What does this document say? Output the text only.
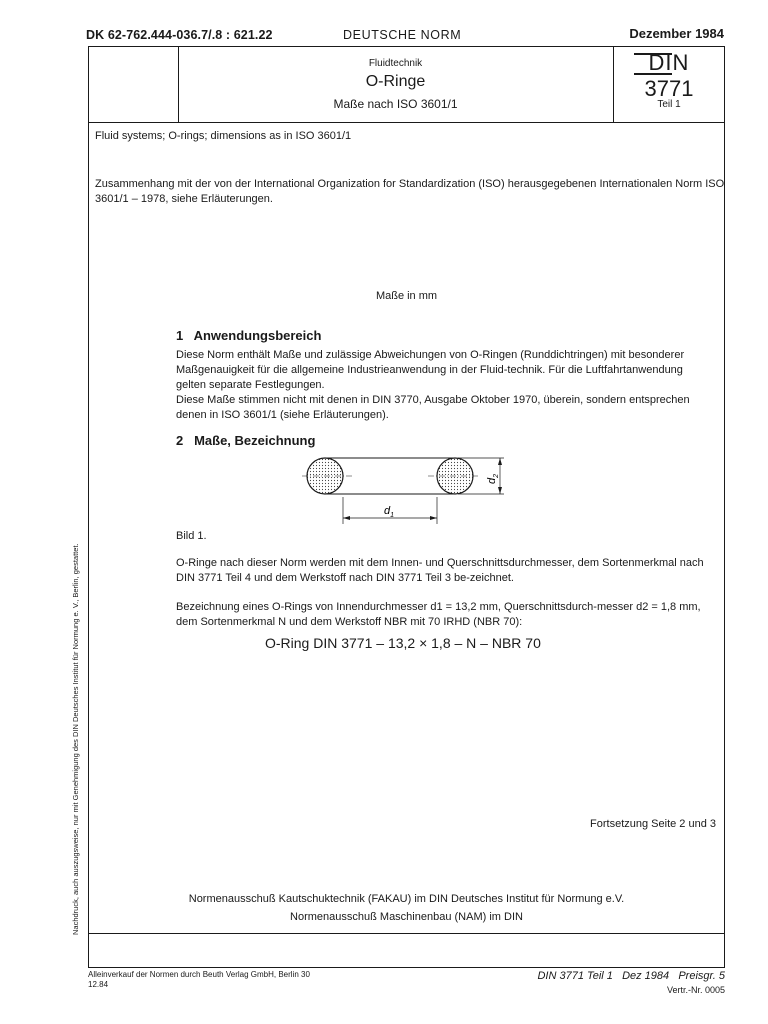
DK 62-762.444-036.7/.8 : 621.22	DEUTSCHE NORM	Dezember 1984
Fluidtechnik
O-Ringe
Maße nach ISO 3601/1
DIN
3771
Teil 1
Fluid systems; O-rings; dimensions as in ISO 3601/1
Zusammenhang mit der von der International Organization for Standardization (ISO) herausgegebenen Internationalen Norm ISO 3601/1 – 1978, siehe Erläuterungen.
Maße in mm
1   Anwendungsbereich
Diese Norm enthält Maße und zulässige Abweichungen von O-Ringen (Runddichtringen) mit besonderer Maßgenauigkeit für die allgemeine Industrieanwendung in der Fluid-technik. Für die Luftfahrtanwendung gelten separate Festlegungen.
Diese Maße stimmen nicht mit denen in DIN 3770, Ausgabe Oktober 1970, überein, sondern entsprechen denen in ISO 3601/1 (siehe Erläuterungen).
2   Maße, Bezeichnung
$d_1$
$d_2$
Bild 1.
O-Ringe nach dieser Norm werden mit dem Innen- und Querschnittsdurchmesser, dem Sortenmerkmal nach DIN 3771 Teil 4 und dem Werkstoff nach DIN 3771 Teil 3 be-zeichnet.
Bezeichnung eines O-Rings von Innendurchmesser d1 = 13,2 mm, Querschnittsdurch-messer d2 = 1,8 mm, dem Sortenmerkmal N und dem Werkstoff NBR mit 70 IRHD (NBR 70):
O-Ring DIN 3771 – 13,2 × 1,8 – N – NBR 70
Fortsetzung Seite 2 und 3
Normenausschuß Kautschuktechnik (FAKAU) im DIN Deutsches Institut für Normung e.V.
Normenausschuß Maschinenbau (NAM) im DIN
Alleinverkauf der Normen durch Beuth Verlag GmbH, Berlin 30
12.84
DIN 3771 Teil 1   Dez 1984   Preisgr. 5
Vertr.-Nr. 0005
Nachdruck, auch auszugsweise, nur mit Genehmigung des DIN Deutsches Institut für Normung e. V., Berlin, gestattet.
